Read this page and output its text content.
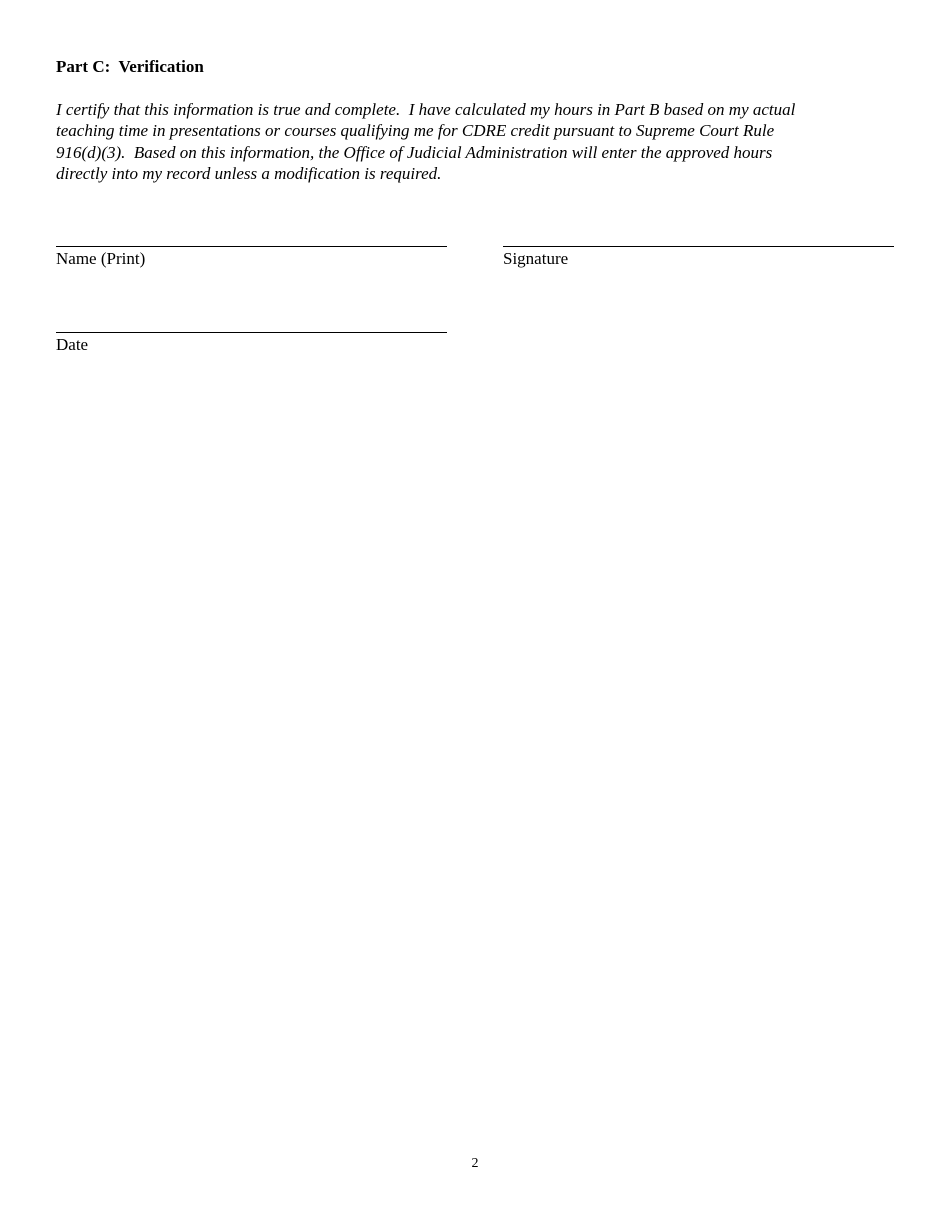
Part C:  Verification
I certify that this information is true and complete.  I have calculated my hours in Part B based on my actual
teaching time in presentations or courses qualifying me for CDRE credit pursuant to Supreme Court Rule
916(d)(3).  Based on this information, the Office of Judicial Administration will enter the approved hours
directly into my record unless a modification is required.
Name (Print)	Signature
Date
2
